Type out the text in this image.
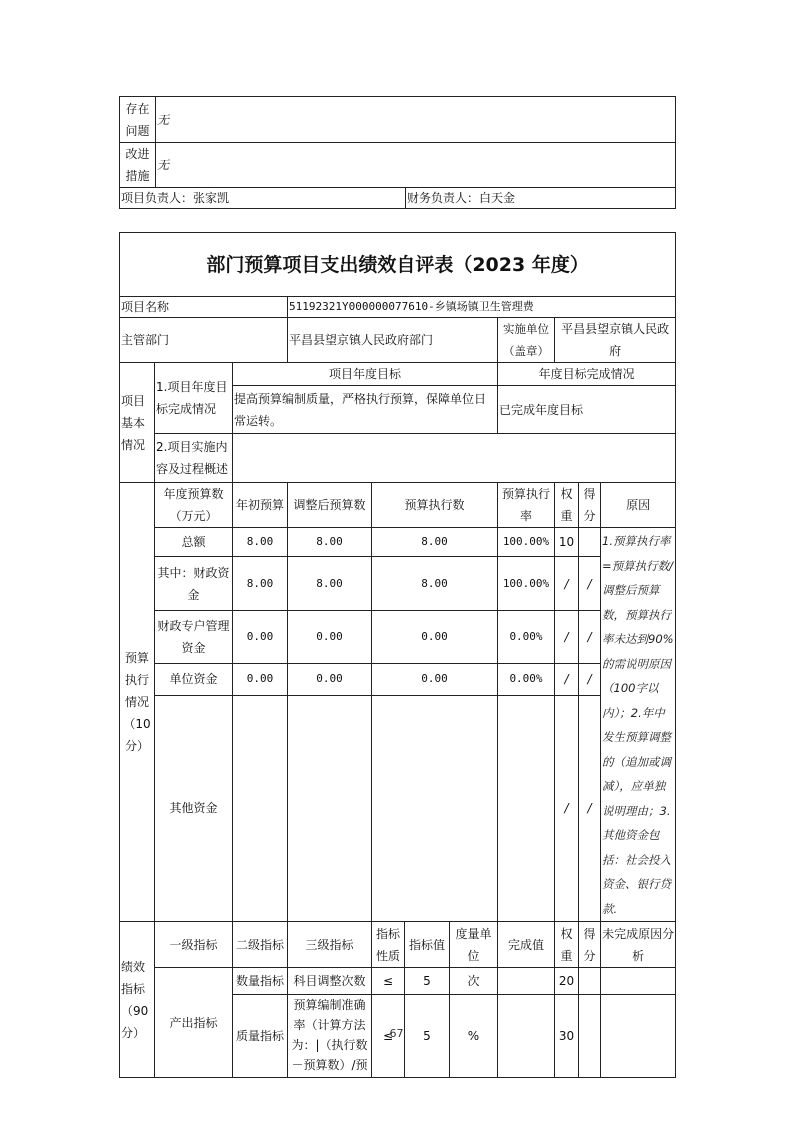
存在问题	无	
改进措施	无	
项目负责人：张家凯		财务负责人：白天金
部门预算项目支出绩效自评表（2023 年度）										
项目名称			51192321Y000000077610-乡镇场镇卫生管理费							
主管部门			平昌县望京镇人民政府部门				实施单位（盖章）	平昌县望京镇人民政府		
项目基本情况	1.项目年度目标完成情况	项目年度目标					年度目标完成情况			
		提高预算编制质量，严格执行预算，保障单位日常运转。					已完成年度目标			
	2.项目实施内容及过程概述									
预算执行情况（10分）	年度预算数（万元）	年初预算	调整后预算数	预算执行数			预算执行率	权重	得分	原因
	总额	8.00	8.00	8.00			100.00%	10		1.预算执行率=预算执行数/调整后预算数，预算执行率未达到90%的需说明原因（100字以内）；2.年中发生预算调整的（追加或调减），应单独说明理由；3.其他资金包括：社会投入资金、银行贷款.
	其中：财政资金	8.00	8.00	8.00			100.00%	/	/	
	财政专户管理资金	0.00	0.00	0.00			0.00%	/	/	
	单位资金	0.00	0.00	0.00			0.00%	/	/	
	其他资金							/	/	
绩效指标（90分）	一级指标	二级指标	三级指标	指标性质	指标值	度量单位	完成值	权重	得分	未完成原因分析
	产出指标	数量指标	科目调整次数	≤	5	次		20		
		质量指标	预算编制准确率（计算方法为：|（执行数－预算数）/预	≤	5	%		30		
67
